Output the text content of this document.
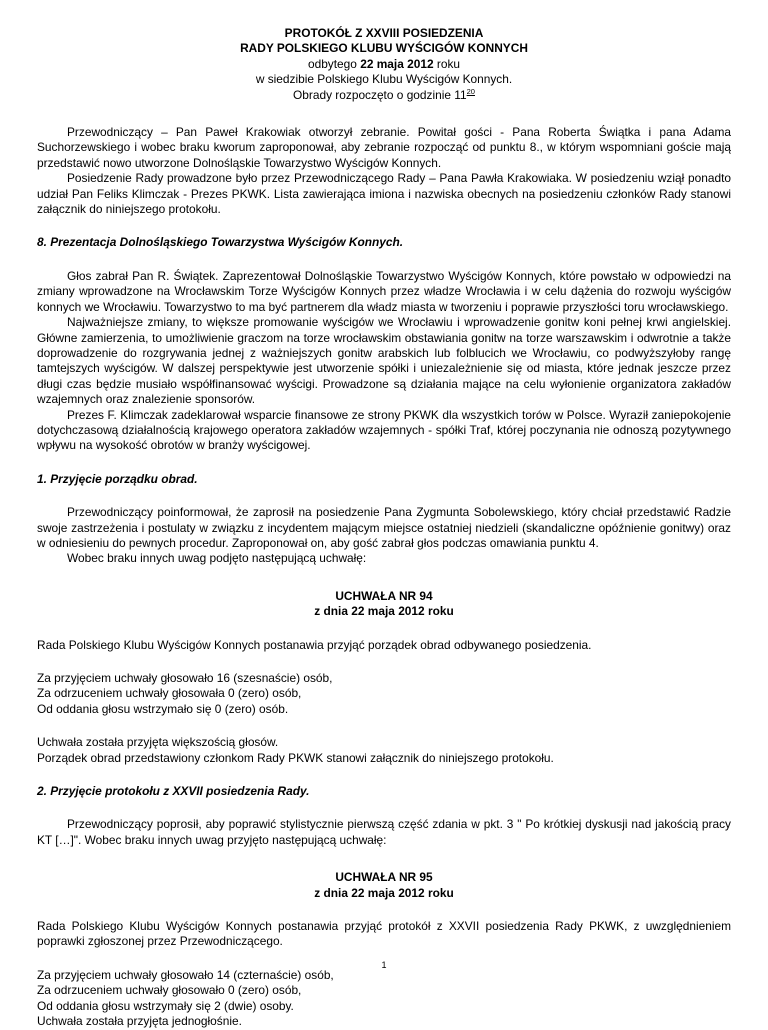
PROTOKÓŁ Z XXVIII POSIEDZENIA
RADY POLSKIEGO KLUBU WYŚCIGÓW KONNYCH
odbytego 22 maja 2012 roku
w siedzibie Polskiego Klubu Wyścigów Konnych.
Obrady rozpoczęto o godzinie $11^{20}$

Przewodniczący – Pan Paweł Krakowiak otworzył zebranie. Powitał gości - Pana Roberta Świątka i pana Adama Suchorzewskiego i wobec braku kworum zaproponował, aby zebranie rozpocząć od punktu 8., w którym wspomniani goście mają przedstawić nowo utworzone Dolnośląskie Towarzystwo Wyścigów Konnych.

Posiedzenie Rady prowadzone było przez Przewodniczącego Rady – Pana Pawła Krakowiaka. W posiedzeniu wziął ponadto udział Pan Feliks Klimczak - Prezes PKWK. Lista zawierająca imiona i nazwiska obecnych na posiedzeniu członków Rady stanowi załącznik do niniejszego protokołu.

8. Prezentacja Dolnośląskiego Towarzystwa Wyścigów Konnych.

Głos zabrał Pan R. Świątek. Zaprezentował Dolnośląskie Towarzystwo Wyścigów Konnych, które powstało w odpowiedzi na zmiany wprowadzone na Wrocławskim Torze Wyścigów Konnych przez władze Wrocławia i w celu dążenia do rozwoju wyścigów konnych we Wrocławiu. Towarzystwo to ma być partnerem dla władz miasta w tworzeniu i poprawie przyszłości toru wrocławskiego.

Najważniejsze zmiany, to większe promowanie wyścigów we Wrocławiu i wprowadzenie gonitw koni pełnej krwi angielskiej. Główne zamierzenia, to umożliwienie graczom na torze wrocławskim obstawiania gonitw na torze warszawskim i odwrotnie a także doprowadzenie do rozgrywania jednej z ważniejszych gonitw arabskich lub folblucich we Wrocławiu, co podwyższyłoby rangę tamtejszych wyścigów. W dalszej perspektywie jest utworzenie spółki i uniezależnienie się od miasta, które jednak jeszcze przez długi czas będzie musiało współfinansować wyścigi. Prowadzone są działania mające na celu wyłonienie organizatora zakładów wzajemnych oraz znalezienie sponsorów.

Prezes F. Klimczak zadeklarował wsparcie finansowe ze strony PKWK dla wszystkich torów w Polsce. Wyraził zaniepokojenie dotychczasową działalnością krajowego operatora zakładów wzajemnych - spółki Traf, której poczynania nie odnoszą pozytywnego wpływu na wysokość obrotów w branży wyścigowej.

1. Przyjęcie porządku obrad.

Przewodniczący poinformował, że zaprosił na posiedzenie Pana Zygmunta Sobolewskiego, który chciał przedstawić Radzie swoje zastrzeżenia i postulaty w związku z incydentem mającym miejsce ostatniej niedzieli (skandaliczne opóźnienie gonitwy) oraz w odniesieniu do pewnych procedur. Zaproponował on, aby gość zabrał głos podczas omawiania punktu 4.

Wobec braku innych uwag podjęto następującą uchwałę:

UCHWAŁA NR 94
z dnia 22 maja 2012 roku

Rada Polskiego Klubu Wyścigów Konnych postanawia przyjąć porządek obrad odbywanego posiedzenia.

Za przyjęciem uchwały głosowało 16 (szesnaście) osób,
Za odrzuceniem uchwały głosowała 0 (zero) osób,
Od oddania głosu wstrzymało się 0 (zero) osób.
Uchwała została przyjęta większością głosów.
Porządek obrad przedstawiony członkom Rady PKWK stanowi załącznik do niniejszego protokołu.

2. Przyjęcie protokołu z XXVII posiedzenia Rady.

Przewodniczący poprosił, aby poprawić stylistycznie pierwszą część zdania w pkt. 3 " Po krótkiej dyskusji nad jakością pracy KT […]". Wobec braku innych uwag przyjęto następującą uchwałę:

UCHWAŁA NR 95
z dnia 22 maja 2012 roku

Rada Polskiego Klubu Wyścigów Konnych postanawia przyjąć protokół z XXVII posiedzenia Rady PKWK, z uwzględnieniem poprawki zgłoszonej przez Przewodniczącego.

Za przyjęciem uchwały głosowało 14 (czternaście) osób,
Za odrzuceniem uchwały głosowało 0 (zero) osób,
Od oddania głosu wstrzymały się 2 (dwie) osoby.
Uchwała została przyjęta jednogłośnie.
1
